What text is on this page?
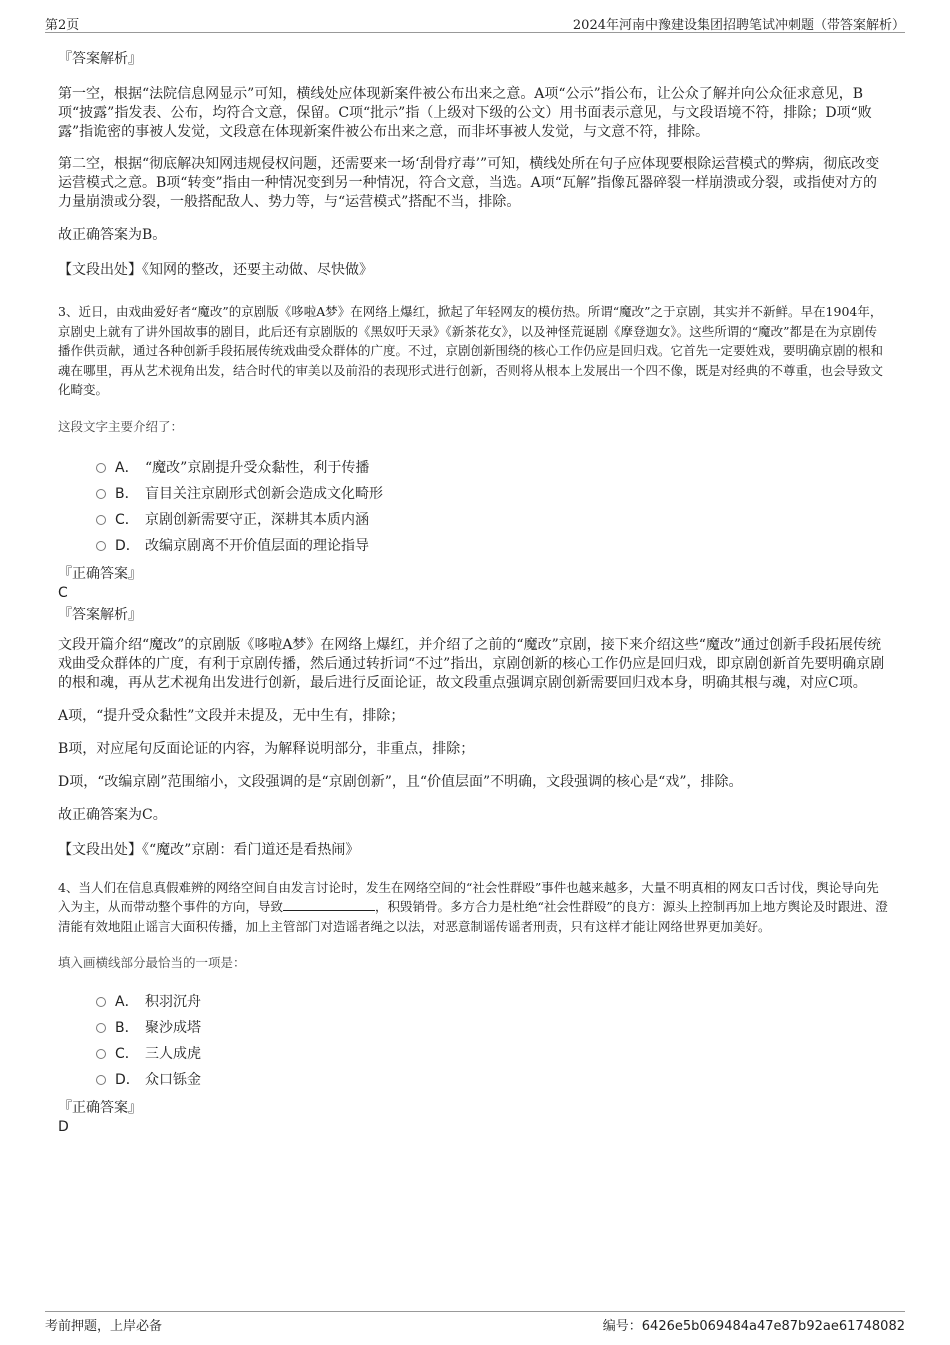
第2页	2024年河南中豫建设集团招聘笔试冲刺题（带答案解析）
『答案解析』

第一空，根据“法院信息网显示”可知，横线处应体现新案件被公布出来之意。A项“公示”指公布，让公众了解并向公众征求意见，B项“披露”指发表、公布，均符合文意，保留。C项“批示”指（上级对下级的公文）用书面表示意见，与文段语境不符，排除；D项“败露”指诡密的事被人发觉，文段意在体现新案件被公布出来之意，而非坏事被人发觉，与文意不符，排除。

第二空，根据“彻底解决知网违规侵权问题，还需要来一场‘刮骨疗毒’”可知，横线处所在句子应体现要根除运营模式的弊病，彻底改变运营模式之意。B项“转变”指由一种情况变到另一种情况，符合文意，当选。A项“瓦解”指像瓦器碎裂一样崩溃或分裂，或指使对方的力量崩溃或分裂，一般搭配敌人、势力等，与“运营模式”搭配不当，排除。

故正确答案为B。

【文段出处】《知网的整改，还要主动做、尽快做》

3、近日，由戏曲爱好者“魔改”的京剧版《哆啦A梦》在网络上爆红，掀起了年轻网友的模仿热。所谓“魔改”之于京剧，其实并不新鲜。早在1904年，京剧史上就有了讲外国故事的剧目，此后还有京剧版的《黑奴吁天录》《新茶花女》，以及神怪荒诞剧《摩登迦女》。这些所谓的“魔改”都是在为京剧传播作供贡献，通过各种创新手段拓展传统戏曲受众群体的广度。不过，京剧创新围绕的核心工作仍应是回归戏。它首先一定要姓戏，要明确京剧的根和魂在哪里，再从艺术视角出发，结合时代的审美以及前沿的表现形式进行创新，否则将从根本上发展出一个四不像，既是对经典的不尊重，也会导致文化畸变。

这段文字主要介绍了：

A． “魔改”京剧提升受众黏性，利于传播
B． 盲目关注京剧形式创新会造成文化畸形
C． 京剧创新需要守正，深耕其本质内涵
D． 改编京剧离不开价值层面的理论指导
『正确答案』
C
『答案解析』

文段开篇介绍“魔改”的京剧版《哆啦A梦》在网络上爆红，并介绍了之前的“魔改”京剧，接下来介绍这些“魔改”通过创新手段拓展传统戏曲受众群体的广度，有利于京剧传播，然后通过转折词“不过”指出，京剧创新的核心工作仍应是回归戏，即京剧创新首先要明确京剧的根和魂，再从艺术视角出发进行创新，最后进行反面论证，故文段重点强调京剧创新需要回归戏本身，明确其根与魂，对应C项。

A项，“提升受众黏性”文段并未提及，无中生有，排除；

B项，对应尾句反面论证的内容，为解释说明部分，非重点，排除；

D项，“改编京剧”范围缩小，文段强调的是“京剧创新”，且“价值层面”不明确，文段强调的核心是“戏”，排除。

故正确答案为C。

【文段出处】《“魔改”京剧：看门道还是看热闹》

4、当人们在信息真假难辨的网络空间自由发言讨论时，发生在网络空间的“社会性群殴”事件也越来越多，大量不明真相的网友口舌讨伐，舆论导向先入为主，从而带动整个事件的方向，导致	，积毁销骨。多方合力是杜绝“社会性群殴”的良方：源头上控制再加上地方舆论及时跟进、澄清能有效地阻止谣言大面积传播，加上主管部门对造谣者绳之以法，对恶意制谣传谣者刑责，只有这样才能让网络世界更加美好。

填入画横线部分最恰当的一项是：

A． 积羽沉舟
B． 聚沙成塔
C． 三人成虎
D． 众口铄金
『正确答案』
D
考前押题，上岸必备	编号：6426e5b069484a47e87b92ae61748082
